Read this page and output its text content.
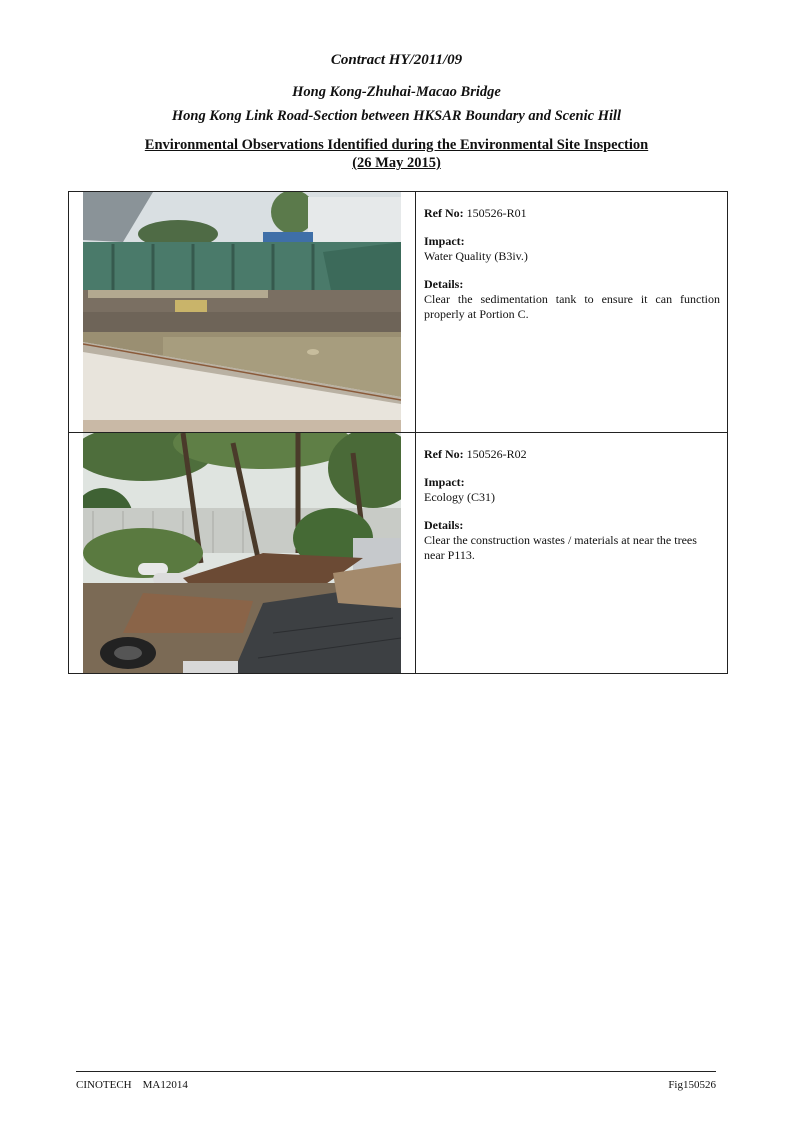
Contract HY/2011/09
Hong Kong-Zhuhai-Macao Bridge
Hong Kong Link Road-Section between HKSAR Boundary and Scenic Hill
Environmental Observations Identified during the Environmental Site Inspection
(26 May 2015)

Ref No: 150526-R01
Impact:
Water Quality (B3iv.)
Details:
Clear the sedimentation tank to ensure it can function properly at Portion C.

Ref No: 150526-R02
Impact:
Ecology (C31)
Details:
Clear the construction wastes / materials at near the trees near P113.
CINOTECH MA12014	Fig150526
